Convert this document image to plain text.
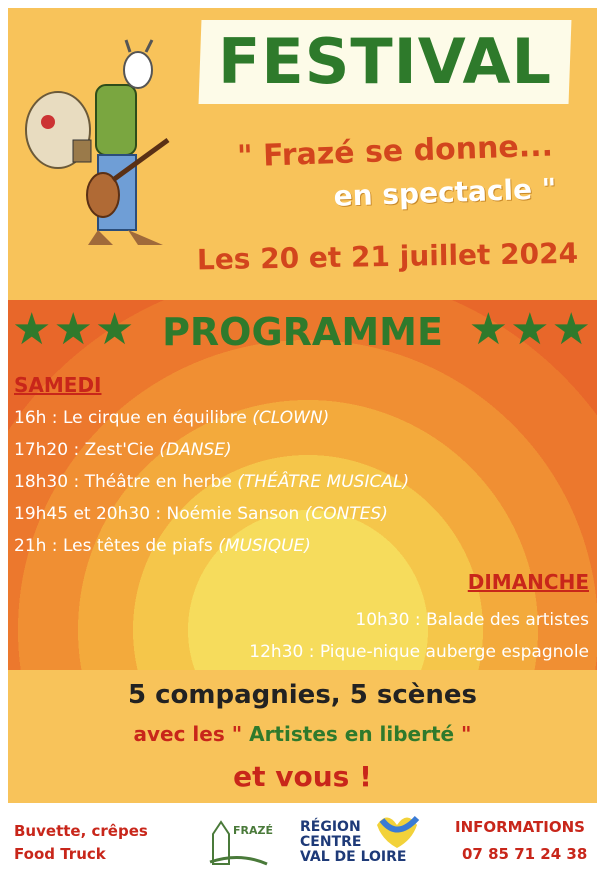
FESTIVAL
" Frazé se donne...
en spectacle "
Les 20 et 21 juillet 2024
★★★	★★★
PROGRAMME
SAMEDI
16h : Le cirque en équilibre (CLOWN)
17h20 : Zest'Cie (DANSE)
18h30 : Théâtre en herbe (THÉÂTRE MUSICAL)
19h45 et 20h30 : Noémie Sanson (CONTES)
21h : Les têtes de piafs (MUSIQUE)
DIMANCHE
10h30 : Balade des artistes
12h30 : Pique-nique auberge espagnole
5 compagnies, 5 scènes
avec les " Artistes en liberté "
et vous !
Buvette, crêpes
Food Truck
FRAZÉ RÉGION
CENTRE
VAL DE LOIRE
INFORMATIONS
07 85 71 24 38
